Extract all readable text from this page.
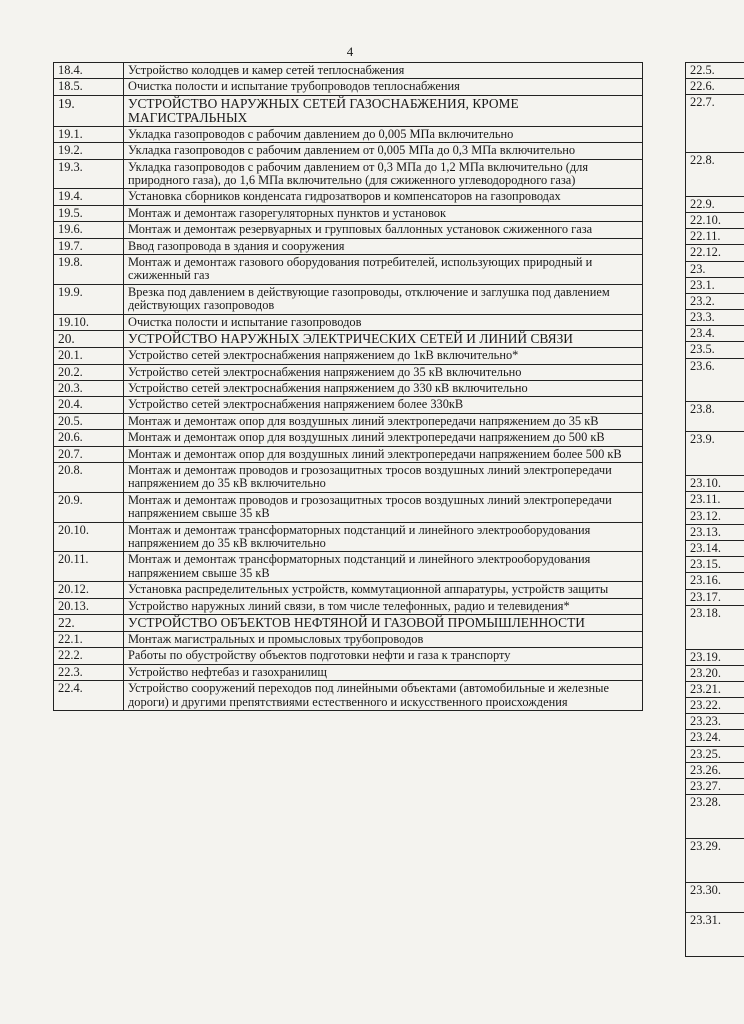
4
18.4.	Устройство колодцев и камер сетей теплоснабжения
18.5.	Очистка полости и испытание трубопроводов теплоснабжения
19.	УСТРОЙСТВО НАРУЖНЫХ СЕТЕЙ ГАЗОСНАБЖЕНИЯ, КРОМЕ МАГИСТРАЛЬНЫХ
19.1.	Укладка газопроводов с рабочим давлением до 0,005 МПа включительно
19.2.	Укладка газопроводов с рабочим давлением от 0,005 МПа до 0,3 МПа включительно
19.3.	Укладка газопроводов с рабочим давлением от 0,3 МПа до 1,2 МПа включительно (для природного газа), до 1,6 МПа включительно (для сжиженного углеводородного газа)
19.4.	Установка сборников конденсата гидрозатворов и компенсаторов на газопроводах
19.5.	Монтаж и демонтаж газорегуляторных пунктов и установок
19.6.	Монтаж и демонтаж резервуарных и групповых баллонных установок сжиженного газа
19.7.	Ввод газопровода в здания и сооружения
19.8.	Монтаж и демонтаж газового оборудования потребителей, использующих природный и сжиженный газ
19.9.	Врезка под давлением в действующие газопроводы, отключение и заглушка под давлением действующих газопроводов
19.10.	Очистка полости и испытание газопроводов
20.	УСТРОЙСТВО НАРУЖНЫХ ЭЛЕКТРИЧЕСКИХ СЕТЕЙ И ЛИНИЙ СВЯЗИ
20.1.	Устройство сетей электроснабжения напряжением до 1кВ включительно*
20.2.	Устройство сетей электроснабжения напряжением до 35 кВ включительно
20.3.	Устройство сетей электроснабжения напряжением до 330 кВ включительно
20.4.	Устройство сетей электроснабжения напряжением более 330кВ
20.5.	Монтаж и демонтаж опор для воздушных линий электропередачи напряжением до 35 кВ
20.6.	Монтаж и демонтаж опор для воздушных линий электропередачи напряжением до 500 кВ
20.7.	Монтаж и демонтаж опор для воздушных линий электропередачи напряжением более 500 кВ
20.8.	Монтаж и демонтаж проводов и грозозащитных тросов воздушных линий электропередачи напряжением до 35 кВ включительно
20.9.	Монтаж и демонтаж проводов и грозозащитных тросов воздушных линий электропередачи напряжением свыше 35 кВ
20.10.	Монтаж и демонтаж трансформаторных подстанций и линейного электрооборудования напряжением до 35 кВ включительно
20.11.	Монтаж и демонтаж трансформаторных подстанций и линейного электрооборудования напряжением свыше 35 кВ
20.12.	Установка распределительных устройств, коммутационной аппаратуры, устройств защиты
20.13.	Устройство наружных линий связи, в том числе телефонных, радио и телевидения*
22.	УСТРОЙСТВО ОБЪЕКТОВ НЕФТЯНОЙ И ГАЗОВОЙ ПРОМЫШЛЕННОСТИ
22.1.	Монтаж магистральных и промысловых трубопроводов
22.2.	Работы по обустройству объектов подготовки нефти и газа к транспорту
22.3.	Устройство нефтебаз и газохранилищ
22.4.	Устройство сооружений переходов под линейными объектами (автомобильные и железные дороги) и другими препятствиями естественного и искусственного происхождения
22.5.
22.6.
22.7.
22.8.
22.9.
22.10.
22.11.
22.12.
23.
23.1.
23.2.
23.3.
23.4.
23.5.
23.6.
23.8.
23.9.
23.10.
23.11.
23.12.
23.13.
23.14.
23.15.
23.16.
23.17.
23.18.
23.19.
23.20.
23.21.
23.22.
23.23.
23.24.
23.25.
23.26.
23.27.
23.28.
23.29.
23.30.
23.31.
